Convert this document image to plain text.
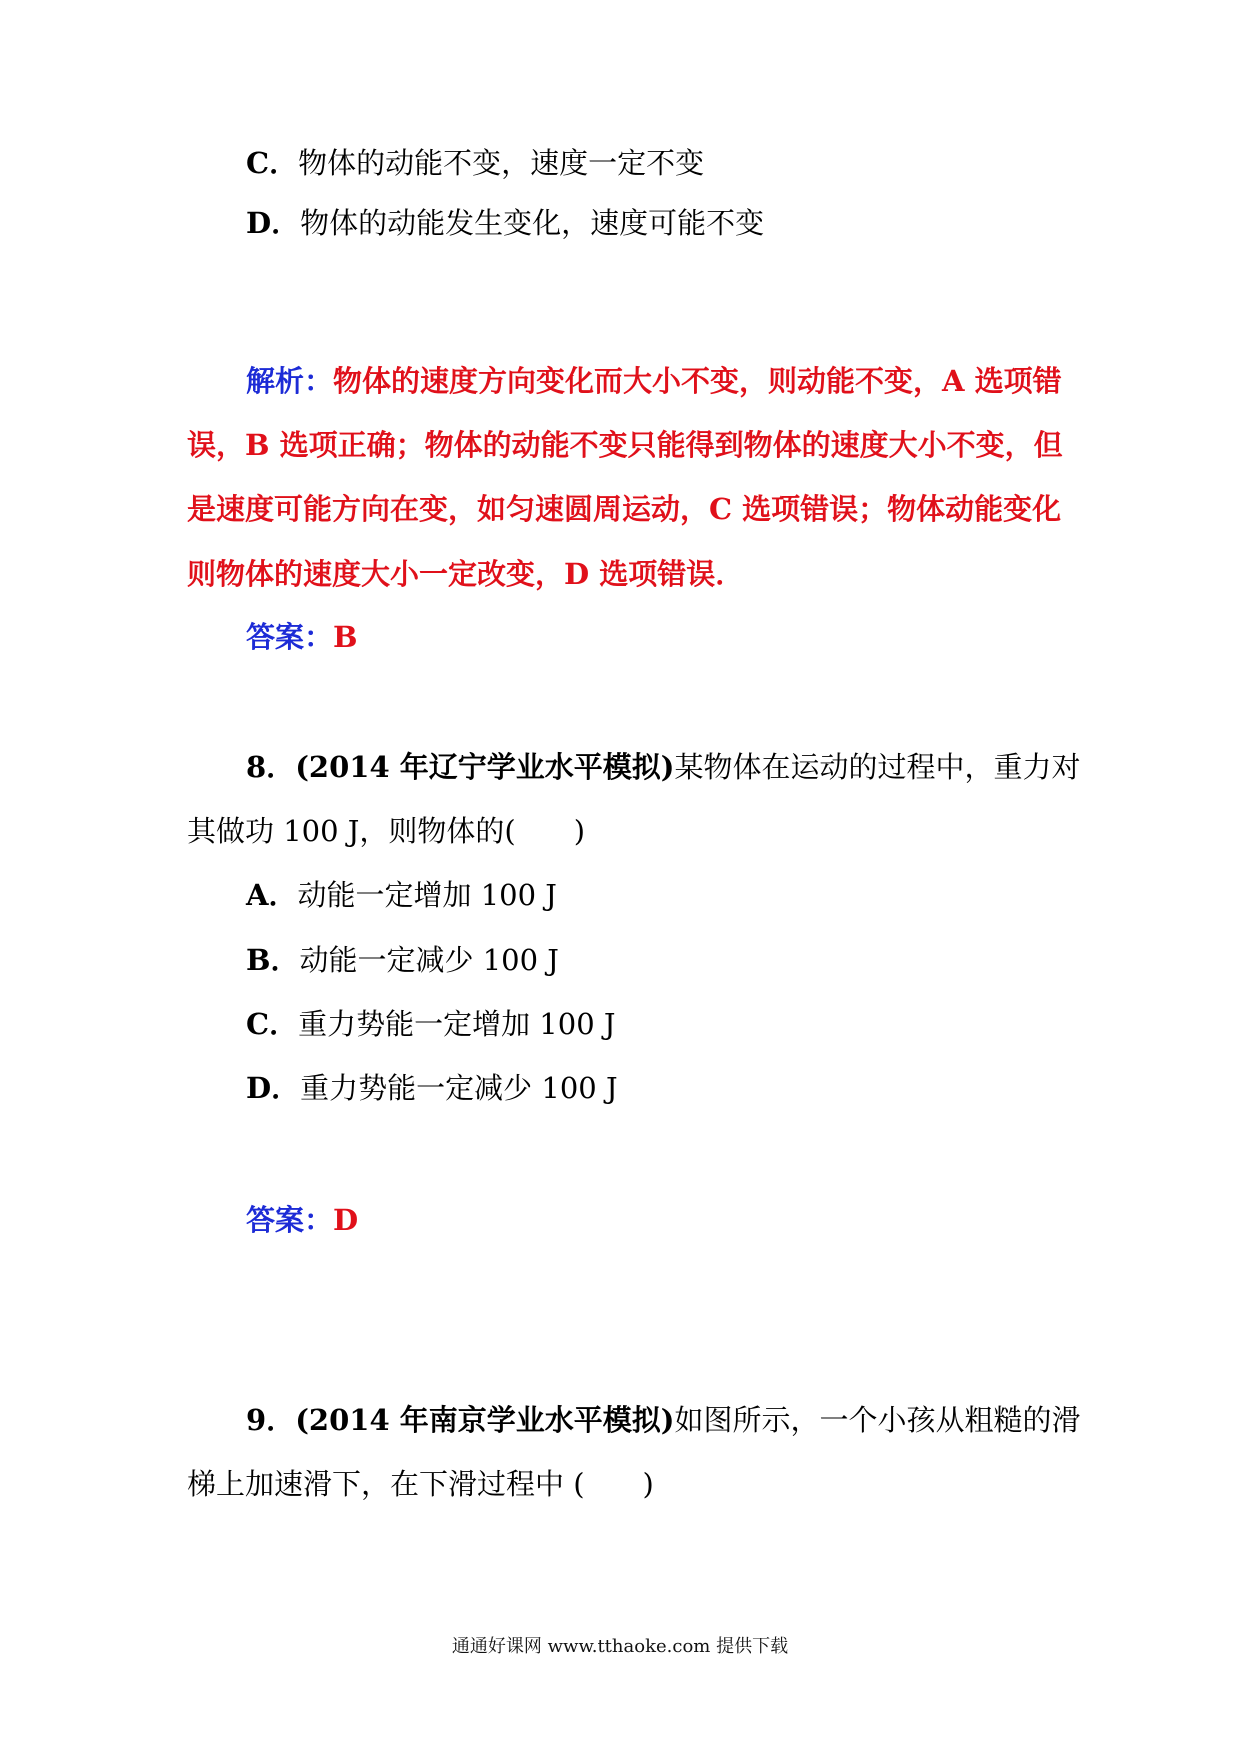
C．物体的动能不变，速度一定不变
D．物体的动能发生变化，速度可能不变
解析：物体的速度方向变化而大小不变，则动能不变，A 选项错
误，B 选项正确；物体的动能不变只能得到物体的速度大小不变，但
是速度可能方向在变，如匀速圆周运动，C 选项错误；物体动能变化
则物体的速度大小一定改变，D 选项错误．
答案：B
8．(2014 年辽宁学业水平模拟)某物体在运动的过程中，重力对
其做功 100 J，则物体的(　　)
A．动能一定增加 100 J
B．动能一定减少 100 J
C．重力势能一定增加 100 J
D．重力势能一定减少 100 J
答案：D
9．(2014 年南京学业水平模拟)如图所示，一个小孩从粗糙的滑
梯上加速滑下，在下滑过程中 (　　)
通通好课网 www.tthaoke.com 提供下载
